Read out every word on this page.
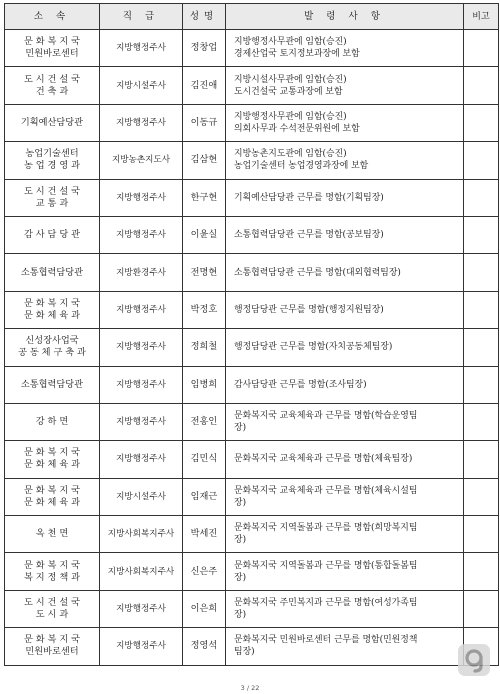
소 속	직 급	성명	발 령 사 항	비고

문 화 복 지 국
민원바로센터	지방행정주사	정창업	지방행정사무관에 임함(승진)
경제산업국 토지정보과장에 보함	

도 시 건 설 국
건 축 과	지방시설주사	김진애	지방시설사무관에 임함(승진)
도시건설국 교통과장에 보함	

기획예산담당관	지방행정주사	이동규	지방행정사무관에 임함(승진)
의회사무과 수석전문위원에 보함	

농업기술센터
농 업 경 영 과	지방농촌지도사	김삼현	지방농촌지도관에 임함(승진)
농업기술센터 농업경영과장에 보함	

도 시 건 설 국
교 통 과	지방행정주사	한구현	기획예산담당관 근무를 명함(기획팀장)	

감 사 담 당 관	지방행정주사	이윤실	소통협력담당관 근무를 명함(공보팀장)	

소통협력담당관	지방환경주사	전명현	소통협력담당관 근무를 명함(대외협력팀장)	

문 화 복 지 국
문 화 체 육 과	지방행정주사	박정호	행정담당관 근무를 명함(행정지원팀장)	

신성장사업국
공 동 체 구 축 과	지방행정주사	정희철	행정담당관 근무를 명함(자치공동체팀장)	

소통협력담당관	지방행정주사	임병희	감사담당관 근무를 명함(조사팀장)	

강 하 면	지방행정주사	전홍인	문화복지국 교육체육과 근무를 명함(학습운영팀
장)	

문 화 복 지 국
문 화 체 육 과	지방행정주사	김민식	문화복지국 교육체육과 근무를 명함(체육팀장)	

문 화 복 지 국
문 화 체 육 과	지방시설주사	임재근	문화복지국 교육체육과 근무를 명함(체육시설팀
장)	

옥 천 면	지방사회복지주사	박세진	문화복지국 지역돌봄과 근무를 명함(희망복지팀
장)	

문 화 복 지 국
복 지 정 책 과	지방사회복지주사	신은주	문화복지국 지역돌봄과 근무를 명함(통합돌봄팀
장)	

도 시 건 설 국
도 시 과	지방행정주사	이은희	문화복지국 주민복지과 근무를 명함(여성가족팀
장)	

문 화 복 지 국
민원바로센터	지방행정주사	정영석	문화복지국 민원바로센터 근무를 명함(민원정책
팀장)	

3 / 22
